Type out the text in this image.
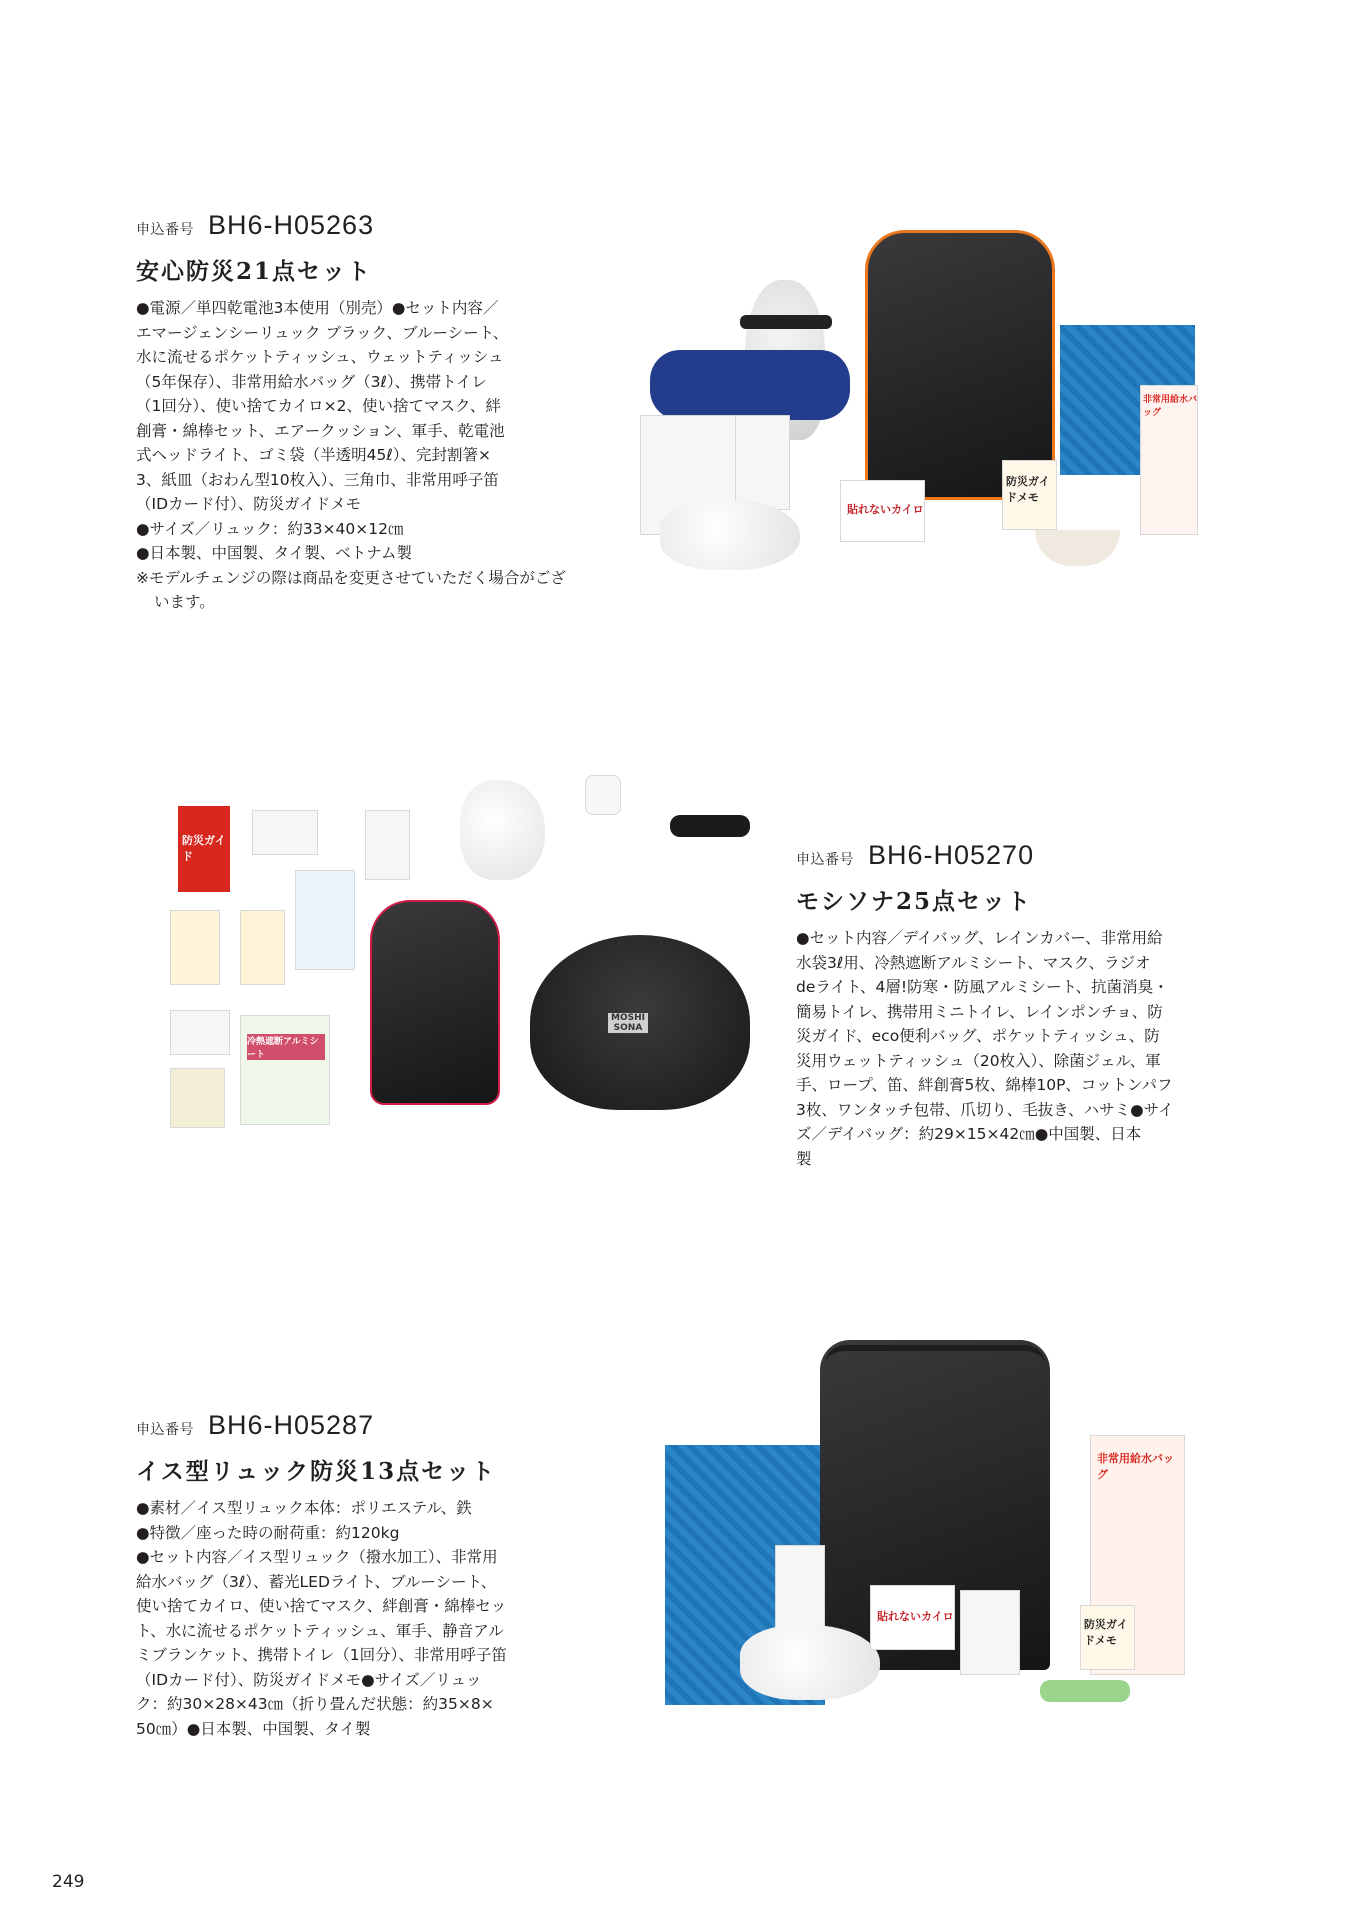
申込番号 BH6-H05263
安心防災21点セット

●電源／単四乾電池3本使用（別売）●セット内容／

エマージェンシーリュック ブラック、ブルーシート、

水に流せるポケットティッシュ、ウェットティッシュ

（5年保存）、非常用給水バッグ（3ℓ）、携帯トイレ

（1回分）、使い捨てカイロ×2、使い捨てマスク、絆

創膏・綿棒セット、エアークッション、軍手、乾電池

式ヘッドライト、ゴミ袋（半透明45ℓ）、完封割箸×

3、紙皿（おわん型10枚入）、三角巾、非常用呼子笛

（IDカード付）、防災ガイドメモ

●サイズ／リュック：約33×40×12㎝

●日本製、中国製、タイ製、ベトナム製

※モデルチェンジの際は商品を変更させていただく場合がございます。

非常用給水バッグ
貼れないカイロ
防災ガイドメモ
申込番号 BH6-H05270
モシソナ25点セット

●セット内容／デイバッグ、レインカバー、非常用給

水袋3ℓ用、冷熱遮断アルミシート、マスク、ラジオ

deライト、4層!防寒・防風アルミシート、抗菌消臭・

簡易トイレ、携帯用ミニトイレ、レインポンチョ、防

災ガイド、eco便利バッグ、ポケットティッシュ、防

災用ウェットティッシュ（20枚入）、除菌ジェル、軍

手、ロープ、笛、絆創膏5枚、綿棒10P、コットンパフ

3枚、ワンタッチ包帯、爪切り、毛抜き、ハサミ●サイ

ズ／デイバッグ：約29×15×42㎝●中国製、日本

製

防災ガイド
MOSHI SONA
冷熱遮断アルミシート
申込番号 BH6-H05287
イス型リュック防災13点セット

●素材／イス型リュック本体：ポリエステル、鉄

●特徴／座った時の耐荷重：約120kg

●セット内容／イス型リュック（撥水加工）、非常用

給水バッグ（3ℓ）、蓄光LEDライト、ブルーシート、

使い捨てカイロ、使い捨てマスク、絆創膏・綿棒セッ

ト、水に流せるポケットティッシュ、軍手、静音アル

ミブランケット、携帯トイレ（1回分）、非常用呼子笛

（IDカード付）、防災ガイドメモ●サイズ／リュッ

ク：約30×28×43㎝（折り畳んだ状態：約35×8×

50㎝）●日本製、中国製、タイ製

非常用給水バッグ
貼れないカイロ
防災ガイドメモ
249
